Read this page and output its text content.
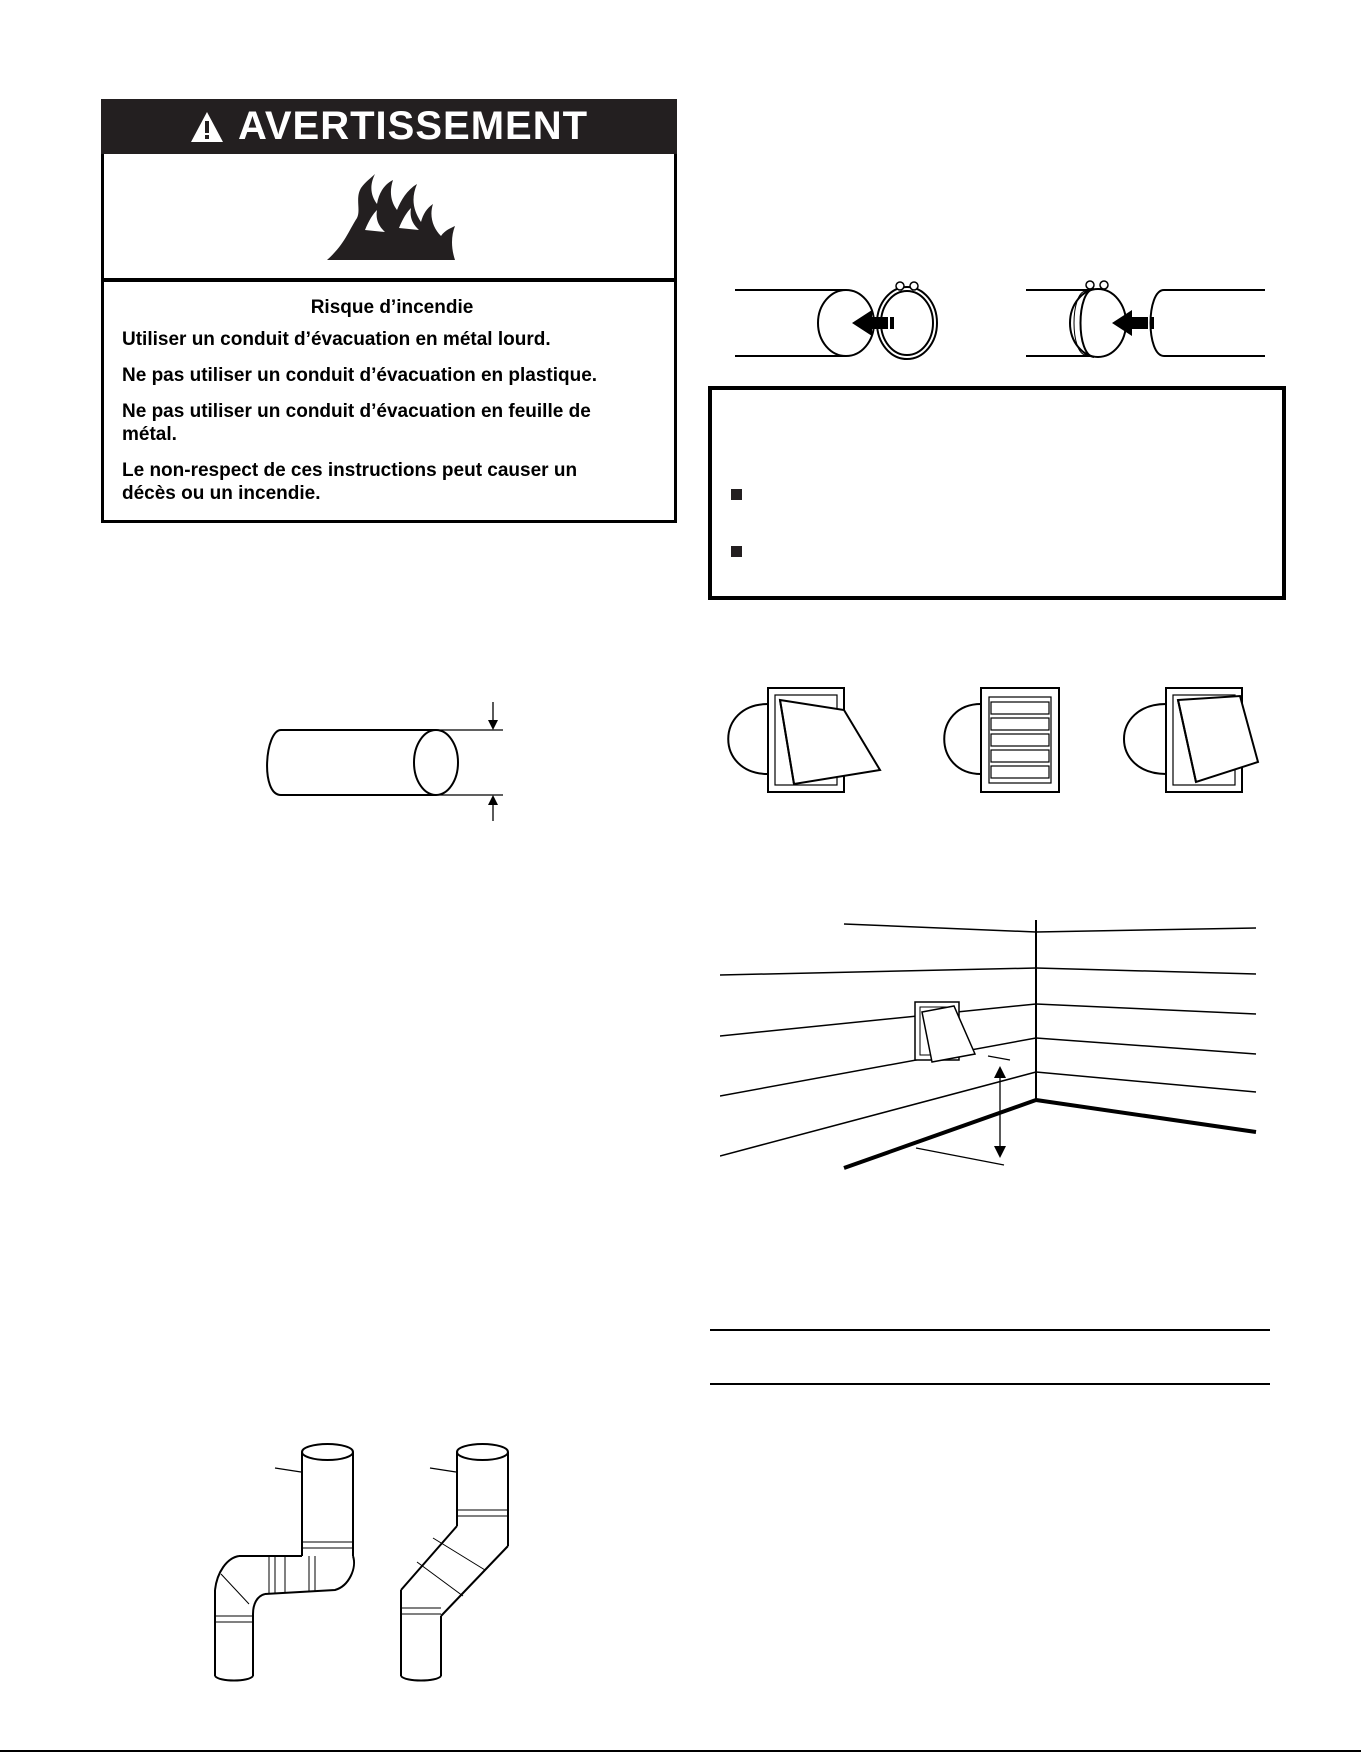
AVERTISSEMENT
Risque d’incendie
Utiliser un conduit d’évacuation en métal lourd.
Ne pas utiliser un conduit d’évacuation en plastique.
Ne pas utiliser un conduit d’évacuation en feuille de métal.
Le non-respect de ces instructions peut causer un décès ou un incendie.
